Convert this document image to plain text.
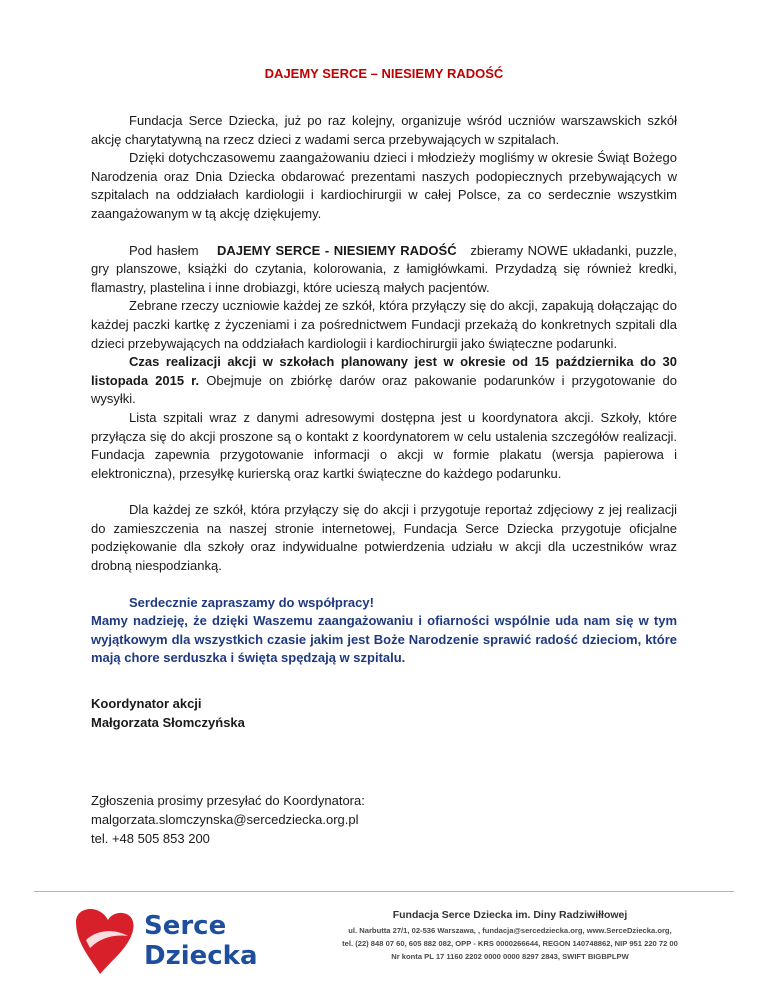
DAJEMY SERCE – NIESIEMY RADOŚĆ

Fundacja Serce Dziecka, już po raz kolejny, organizuje wśród uczniów warszawskich szkół akcję charytatywną na rzecz dzieci z wadami serca przebywających w szpitalach.

Dzięki dotychczasowemu zaangażowaniu dzieci i młodzieży mogliśmy w okresie Świąt Bożego Narodzenia oraz Dnia Dziecka obdarować prezentami naszych podopiecznych przebywających w szpitalach na oddziałach kardiologii i kardiochirurgii w całej Polsce, za co serdecznie wszystkim zaangażowanym w tą akcję dziękujemy.

Pod hasłem    DAJEMY SERCE - NIESIEMY RADOŚĆ   zbieramy NOWE układanki, puzzle, gry planszowe, książki do czytania, kolorowania, z łamigłówkami. Przydadzą się również kredki, flamastry, plastelina i inne drobiazgi, które ucieszą małych pacjentów.

Zebrane rzeczy uczniowie każdej ze szkół, która przyłączy się do akcji, zapakują dołączając do każdej paczki kartkę z życzeniami i za pośrednictwem Fundacji przekażą do konkretnych szpitali dla dzieci przebywających na oddziałach kardiologii i kardiochirurgii jako świąteczne podarunki.

Czas realizacji akcji w szkołach planowany jest w okresie od 15 października do 30 listopada 2015 r. Obejmuje on zbiórkę darów oraz pakowanie podarunków i przygotowanie do wysyłki.

Lista szpitali wraz z danymi adresowymi dostępna jest u koordynatora akcji. Szkoły, które przyłącza się do akcji proszone są o kontakt z koordynatorem w celu ustalenia szczegółów realizacji. Fundacja zapewnia przygotowanie informacji o akcji w formie plakatu (wersja papierowa i elektroniczna), przesyłkę kurierską oraz kartki świąteczne do każdego podarunku.

Dla każdej ze szkół, która przyłączy się do akcji i przygotuje reportaż zdjęciowy z jej realizacji do zamieszczenia na naszej stronie internetowej, Fundacja Serce Dziecka przygotuje oficjalne podziękowanie dla szkoły oraz indywidualne potwierdzenia udziału w akcji dla uczestników wraz drobną niespodzianką.

Serdecznie zapraszamy do współpracy!

Mamy nadzieję, że dzięki Waszemu zaangażowaniu i ofiarności wspólnie uda nam się w tym wyjątkowym dla wszystkich czasie jakim jest Boże Narodzenie sprawić radość dzieciom, które mają chore serduszka i święta spędzają w szpitalu.

Koordynator akcji
Małgorzata Słomczyńska
Zgłoszenia prosimy przesyłać do Koordynatora:
malgorzata.slomczynska@sercedziecka.org.pl
tel. +48 505 853 200
Serce
Dziecka
Fundacja Serce Dziecka im. Diny Radziwiłłowej
ul. Narbutta 27/1, 02-536 Warszawa, , fundacja@sercedziecka.org, www.SerceDziecka.org,
tel. (22) 848 07 60, 605 882 082, OPP - KRS 0000266644, REGON 140748862, NIP 951 220 72 00
Nr konta PL 17 1160 2202 0000 0000 8297 2843, SWIFT BIGBPLPW
